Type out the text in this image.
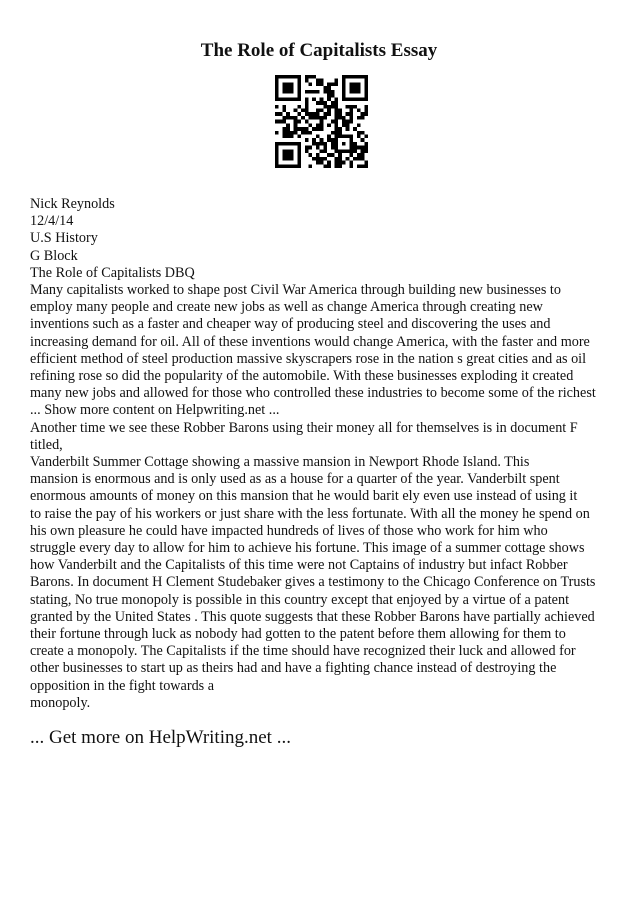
The Role of Capitalists Essay
Nick Reynolds
12/4/14
U.S History
G Block
The Role of Capitalists DBQ
Many capitalists worked to shape post Civil War America through building new businesses to
employ many people and create new jobs as well as change America through creating new
inventions such as a faster and cheaper way of producing steel and discovering the uses and
increasing demand for oil. All of these inventions would change America, with the faster and more
efficient method of steel production massive skyscrapers rose in the nation s great cities and as oil
refining rose so did the popularity of the automobile. With these businesses exploding it created
many new jobs and allowed for those who controlled these industries to become some of the richest
... Show more content on Helpwriting.net ...
Another time we see these Robber Barons using their money all for themselves is in document F
titled,
Vanderbilt Summer Cottage showing a massive mansion in Newport Rhode Island. This
mansion is enormous and is only used as as a house for a quarter of the year. Vanderbilt spent
enormous amounts of money on this mansion that he would barit ely even use instead of using it
to raise the pay of his workers or just share with the less fortunate. With all the money he spend on
his own pleasure he could have impacted hundreds of lives of those who work for him who
struggle every day to allow for him to achieve his fortune. This image of a summer cottage shows
how Vanderbilt and the Capitalists of this time were not Captains of industry but infact Robber
Barons. In document H Clement Studebaker gives a testimony to the Chicago Conference on Trusts
stating, No true monopoly is possible in this country except that enjoyed by a virtue of a patent
granted by the United States . This quote suggests that these Robber Barons have partially achieved
their fortune through luck as nobody had gotten to the patent before them allowing for them to
create a monopoly. The Capitalists if the time should have recognized their luck and allowed for
other businesses to start up as theirs had and have a fighting chance instead of destroying the
opposition in the fight towards a
monopoly.
... Get more on HelpWriting.net ...
